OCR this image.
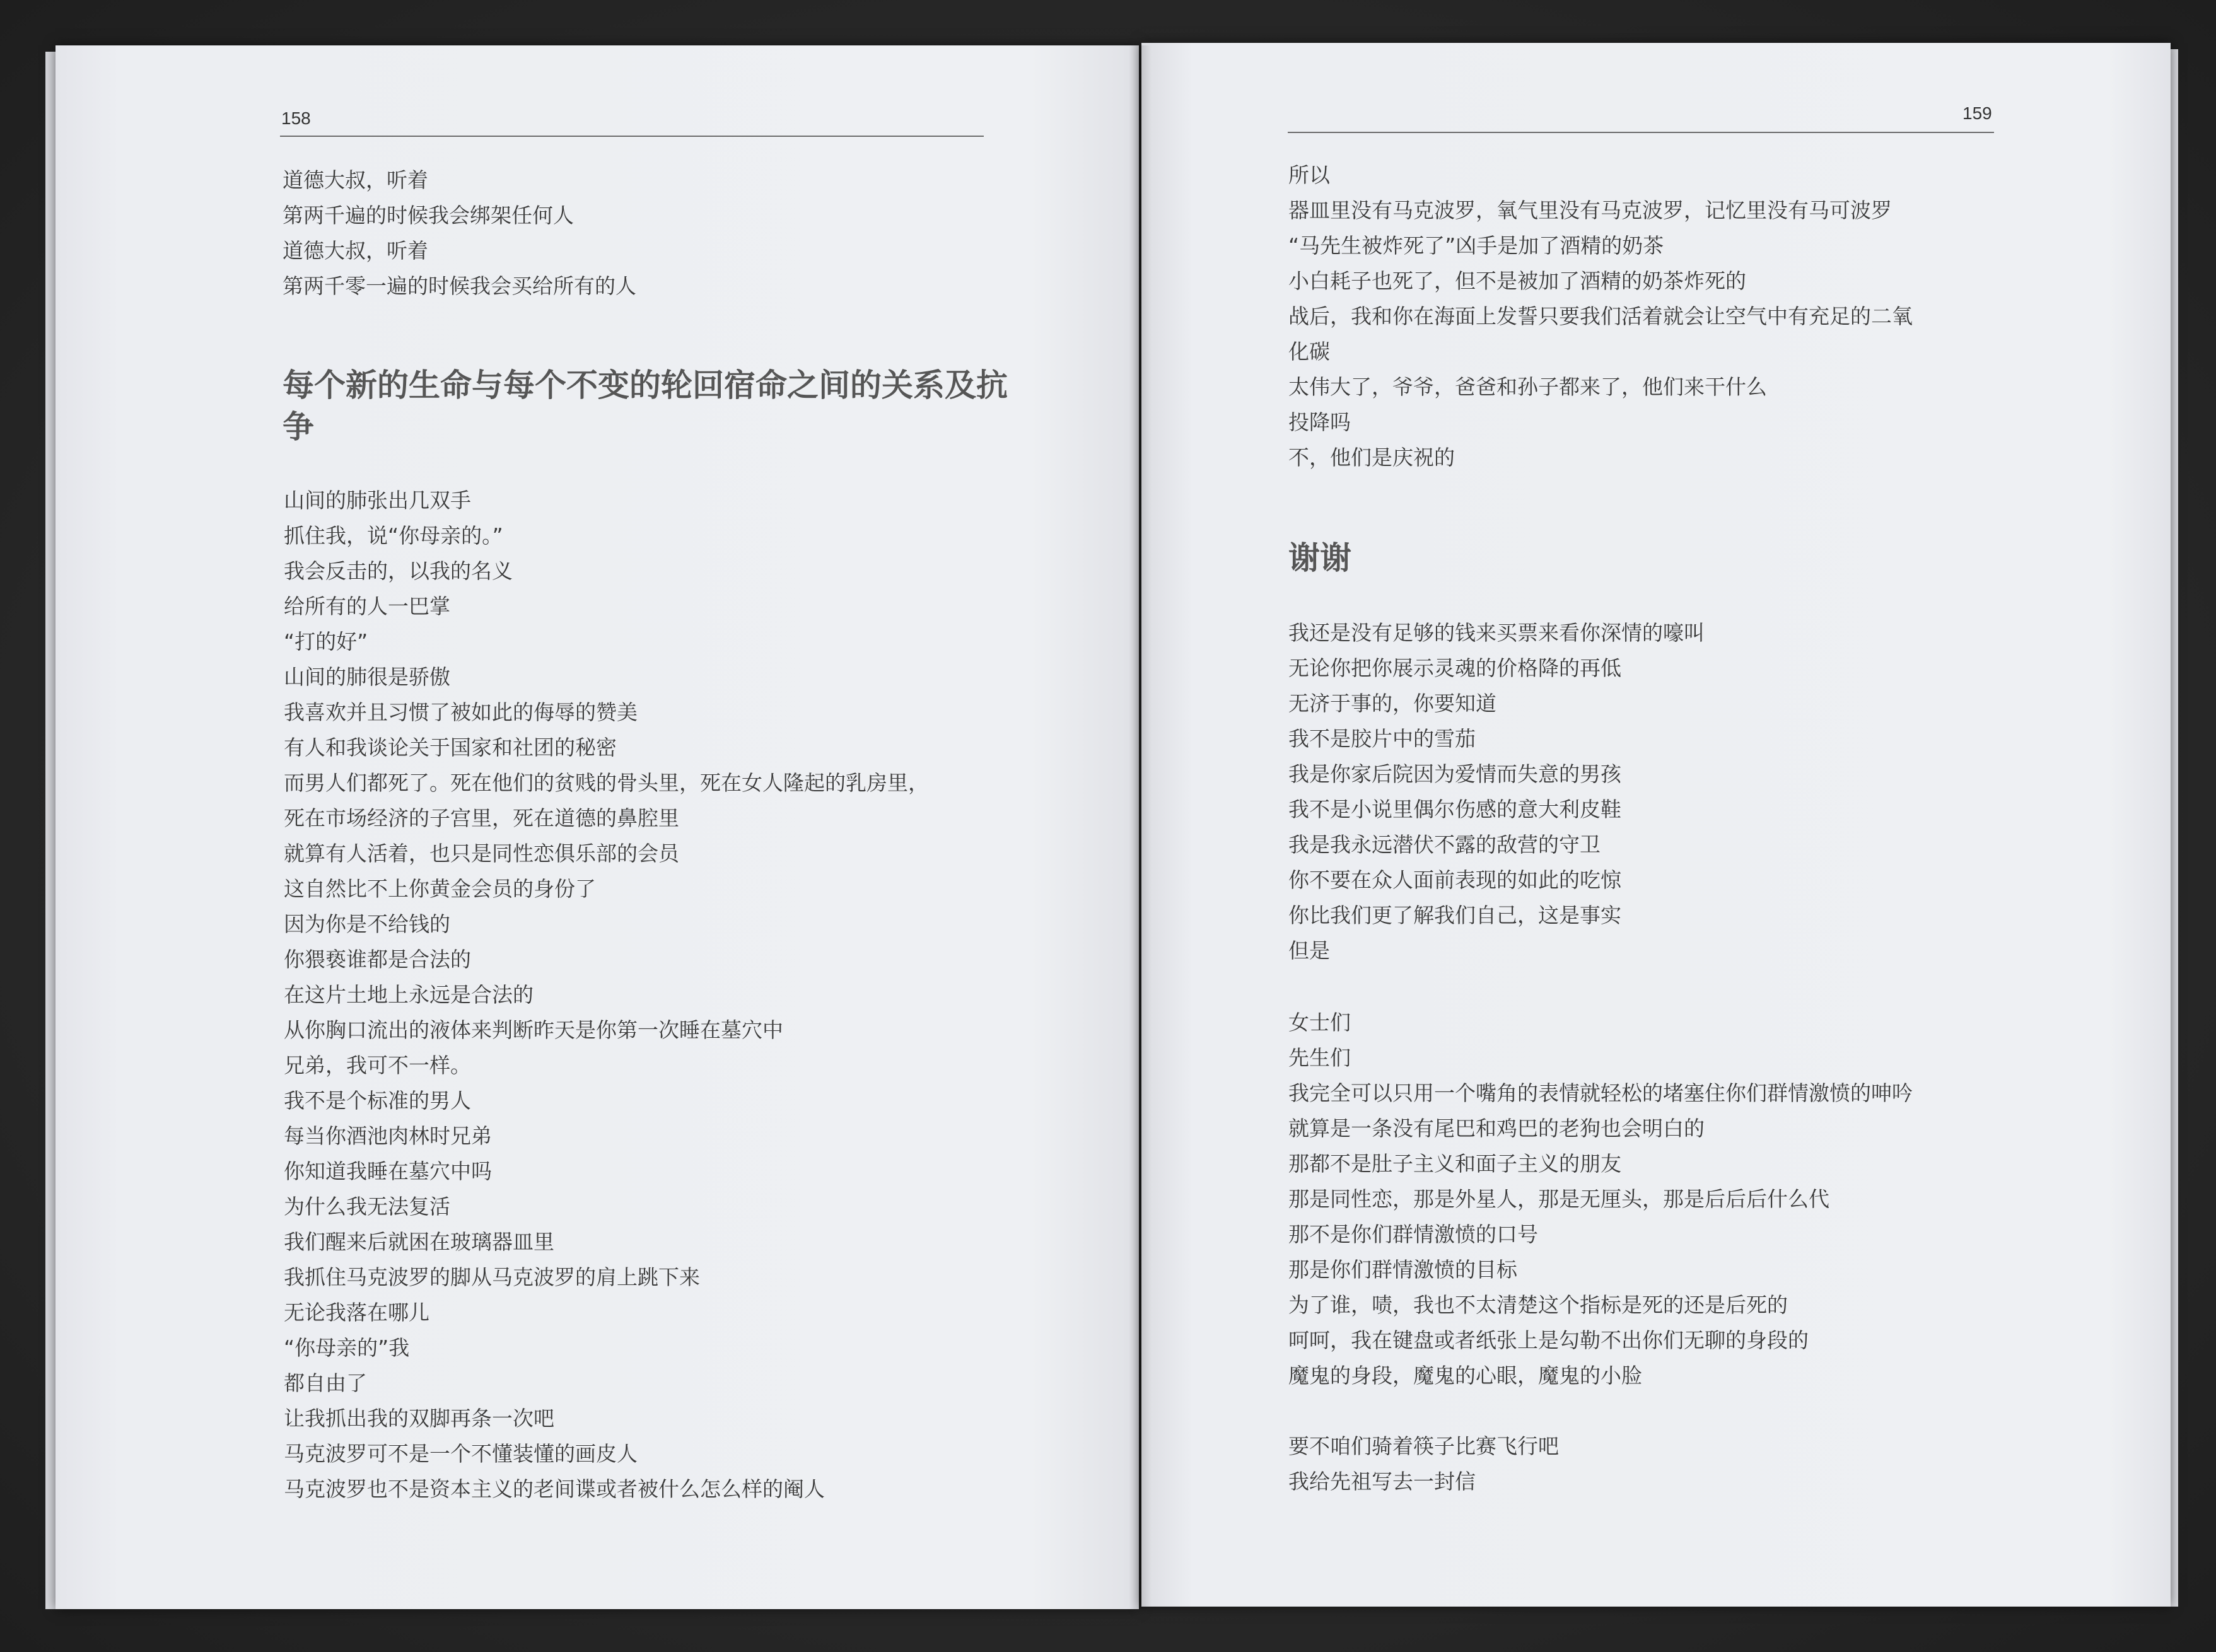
158
道德大叔，听着
第两千遍的时候我会绑架任何人
道德大叔，听着
第两千零一遍的时候我会买给所有的人
每个新的生命与每个不变的轮回宿命之间的关系及抗争
山间的肺张出几双手
抓住我，说“你母亲的。”
我会反击的，以我的名义
给所有的人一巴掌
“打的好”
山间的肺很是骄傲
我喜欢并且习惯了被如此的侮辱的赞美
有人和我谈论关于国家和社团的秘密
而男人们都死了。死在他们的贫贱的骨头里，死在女人隆起的乳房里，
死在市场经济的子宫里，死在道德的鼻腔里
就算有人活着，也只是同性恋俱乐部的会员
这自然比不上你黄金会员的身份了
因为你是不给钱的
你猥亵谁都是合法的
在这片土地上永远是合法的
从你胸口流出的液体来判断昨天是你第一次睡在墓穴中
兄弟，我可不一样。
我不是个标准的男人
每当你酒池肉林时兄弟
你知道我睡在墓穴中吗
为什么我无法复活
我们醒来后就困在玻璃器皿里
我抓住马克波罗的脚从马克波罗的肩上跳下来
无论我落在哪儿
“你母亲的”我
都自由了
让我抓出我的双脚再条一次吧
马克波罗可不是一个不懂装懂的画皮人
马克波罗也不是资本主义的老间谍或者被什么怎么样的阉人
159
所以
器皿里没有马克波罗，氧气里没有马克波罗，记忆里没有马可波罗
“马先生被炸死了”凶手是加了酒精的奶茶
小白耗子也死了，但不是被加了酒精的奶茶炸死的
战后，我和你在海面上发誓只要我们活着就会让空气中有充足的二氧
化碳
太伟大了，爷爷，爸爸和孙子都来了，他们来干什么
投降吗
不，他们是庆祝的
谢谢
我还是没有足够的钱来买票来看你深情的嚎叫
无论你把你展示灵魂的价格降的再低
无济于事的，你要知道
我不是胶片中的雪茄
我是你家后院因为爱情而失意的男孩
我不是小说里偶尔伤感的意大利皮鞋
我是我永远潜伏不露的敌营的守卫
你不要在众人面前表现的如此的吃惊
你比我们更了解我们自己，这是事实
但是
女士们
先生们
我完全可以只用一个嘴角的表情就轻松的堵塞住你们群情激愤的呻吟
就算是一条没有尾巴和鸡巴的老狗也会明白的
那都不是肚子主义和面子主义的朋友
那是同性恋，那是外星人，那是无厘头，那是后后后什么代
那不是你们群情激愤的口号
那是你们群情激愤的目标
为了谁，啧，我也不太清楚这个指标是死的还是后死的
呵呵，我在键盘或者纸张上是勾勒不出你们无聊的身段的
魔鬼的身段，魔鬼的心眼，魔鬼的小脸
要不咱们骑着筷子比赛飞行吧
我给先祖写去一封信
